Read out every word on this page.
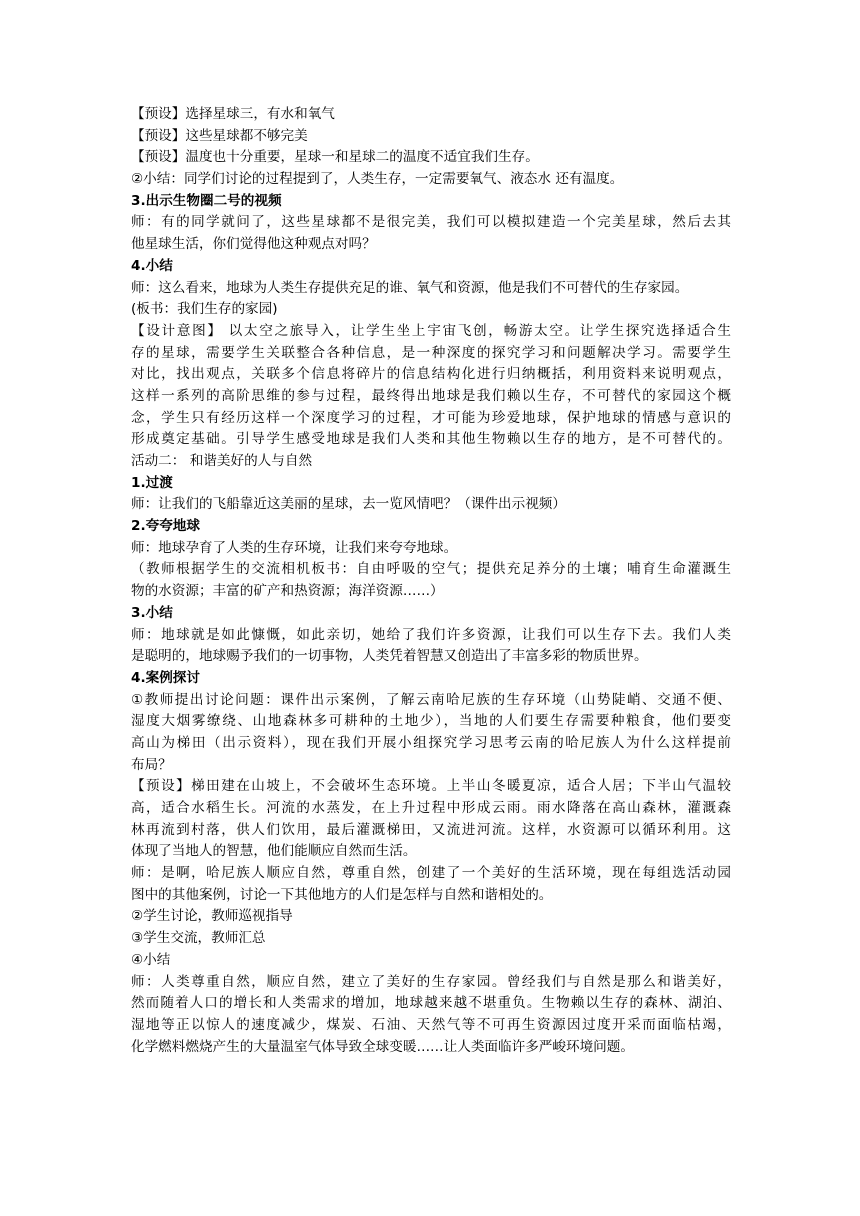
【预设】选择星球三，有水和氧气
【预设】这些星球都不够完美
【预设】温度也十分重要，星球一和星球二的温度不适宜我们生存。
②小结：同学们讨论的过程提到了，人类生存，一定需要氧气、液态水 还有温度。
3.出示生物圈二号的视频
师：有的同学就问了，这些星球都不是很完美，我们可以模拟建造一个完美星球，然后去其
他星球生活，你们觉得他这种观点对吗？
4.小结
师：这么看来，地球为人类生存提供充足的谁、氧气和资源，他是我们不可替代的生存家园。
(板书：我们生存的家园)
【设计意图】 以太空之旅导入，让学生坐上宇宙飞创，畅游太空。让学生探究选择适合生
存的星球，需要学生关联整合各种信息，是一种深度的探究学习和问题解决学习。需要学生
对比，找出观点，关联多个信息将碎片的信息结构化进行归纳概括，利用资料来说明观点，
这样一系列的高阶思维的参与过程，最终得出地球是我们赖以生存，不可替代的家园这个概
念，学生只有经历这样一个深度学习的过程，才可能为珍爱地球，保护地球的情感与意识的
形成奠定基础。引导学生感受地球是我们人类和其他生物赖以生存的地方，是不可替代的。
活动二： 和谐美好的人与自然
1.过渡
师：让我们的飞船靠近这美丽的星球，去一览风情吧？（课件出示视频）
2.夸夸地球
师：地球孕育了人类的生存环境，让我们来夸夸地球。
（教师根据学生的交流相机板书：自由呼吸的空气；提供充足养分的土壤；哺育生命灌溉生
物的水资源；丰富的矿产和热资源；海洋资源……）
3.小结
师：地球就是如此慷慨，如此亲切，她给了我们许多资源，让我们可以生存下去。我们人类
是聪明的，地球赐予我们的一切事物，人类凭着智慧又创造出了丰富多彩的物质世界。
4.案例探讨
①教师提出讨论问题：课件出示案例，了解云南哈尼族的生存环境（山势陡峭、交通不便、
湿度大烟雾缭绕、山地森林多可耕种的土地少），当地的人们要生存需要种粮食，他们要变
高山为梯田（出示资料），现在我们开展小组探究学习思考云南的哈尼族人为什么这样提前
布局？
【预设】梯田建在山坡上，不会破坏生态环境。上半山冬暖夏凉，适合人居；下半山气温较
高，适合水稻生长。河流的水蒸发，在上升过程中形成云雨。雨水降落在高山森林，灌溉森
林再流到村落，供人们饮用，最后灌溉梯田，又流进河流。这样，水资源可以循环利用。这
体现了当地人的智慧，他们能顺应自然而生活。
师：是啊，哈尼族人顺应自然，尊重自然，创建了一个美好的生活环境，现在每组选活动园
图中的其他案例，讨论一下其他地方的人们是怎样与自然和谐相处的。
②学生讨论，教师巡视指导
③学生交流，教师汇总
④小结
师：人类尊重自然，顺应自然，建立了美好的生存家园。曾经我们与自然是那么和谐美好，
然而随着人口的增长和人类需求的增加，地球越来越不堪重负。生物赖以生存的森林、湖泊、
湿地等正以惊人的速度减少，煤炭、石油、天然气等不可再生资源因过度开采而面临枯竭，
化学燃料燃烧产生的大量温室气体导致全球变暖……让人类面临许多严峻环境问题。
